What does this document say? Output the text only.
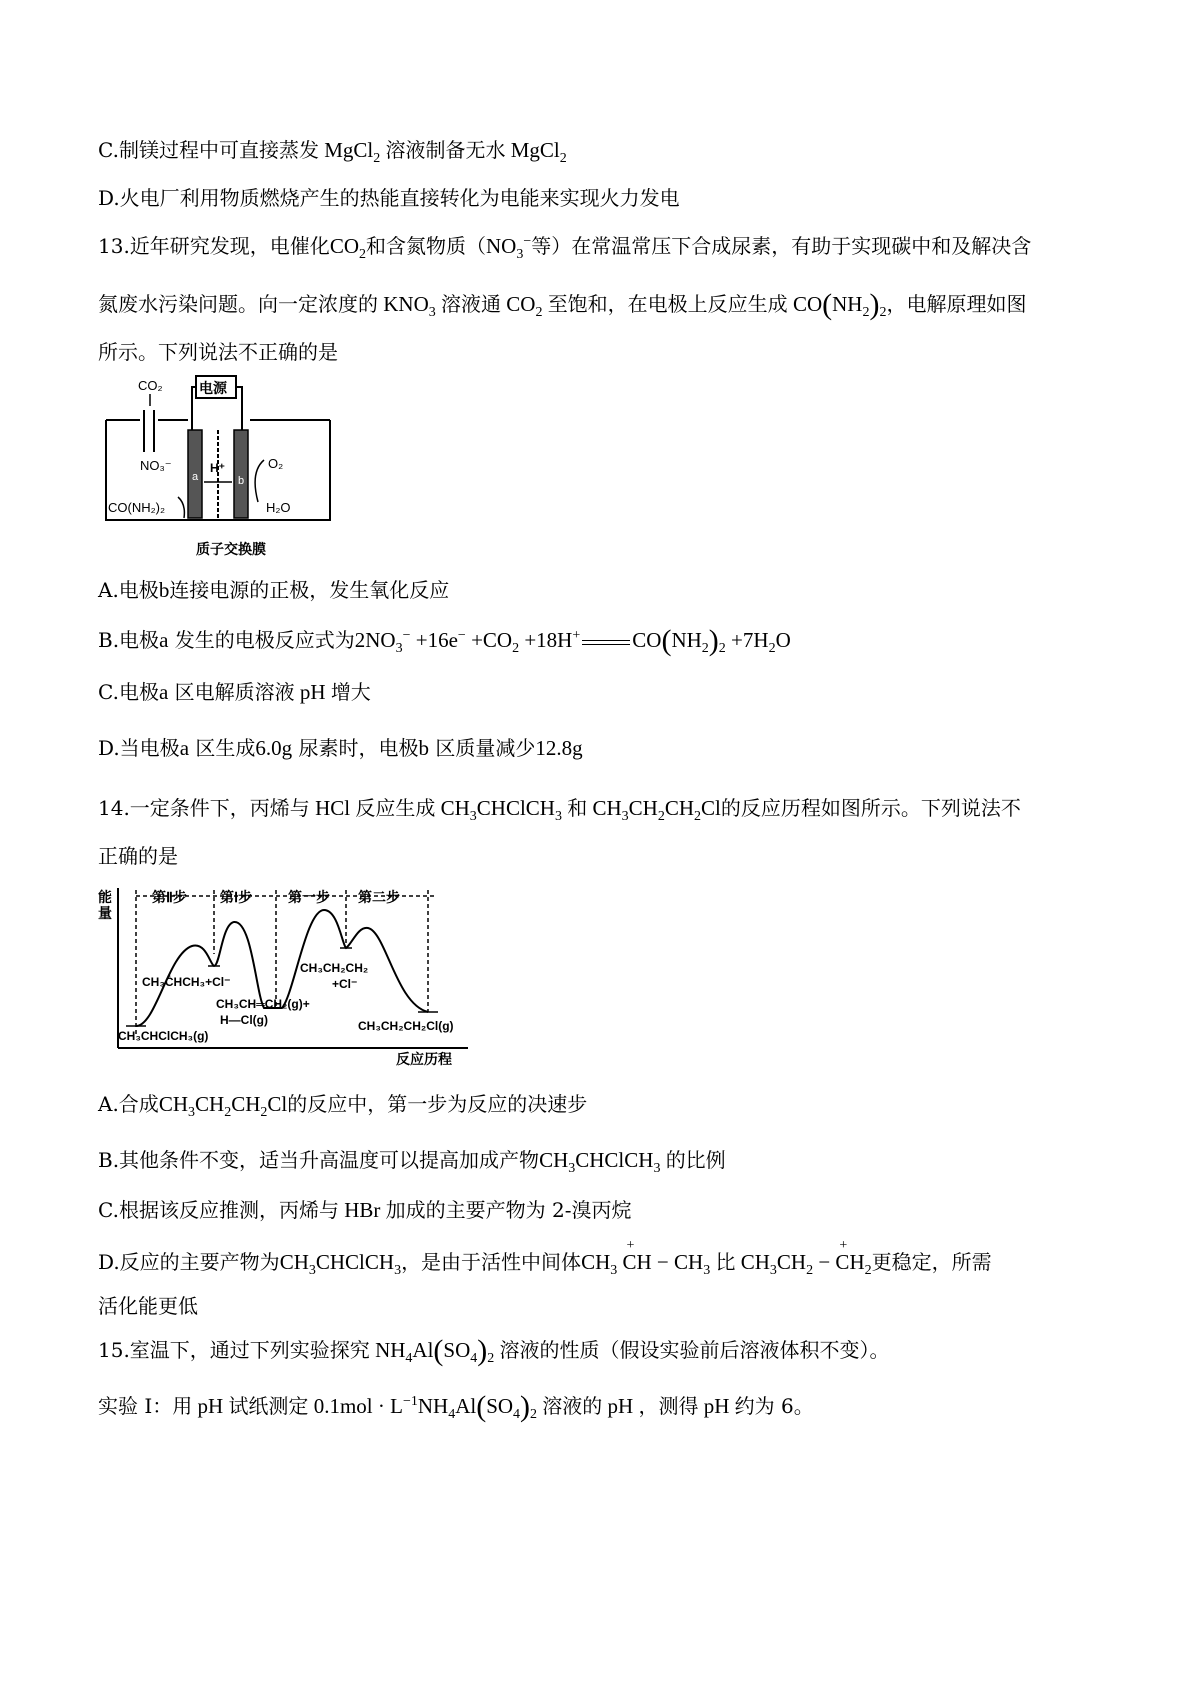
C.制镁过程中可直接蒸发 MgCl$_2$ 溶液制备无水 MgCl$_2$
D.火电厂利用物质燃烧产生的热能直接转化为电能来实现火力发电
13.近年研究发现，电催化$CO_2$和含氮物质（$NO_3^-$等）在常温常压下合成尿素，有助于实现碳中和及解决含
氮废水污染问题。向一定浓度的 $KNO_3$ 溶液通 $CO_2$ 至饱和，在电极上反应生成 $CO(NH_2)_2$，电解原理如图
所示。下列说法不正确的是
CO₂	电源
a	b
H⁺
NO₃⁻
CO(NH₂)₂
O₂
H₂O
质子交换膜
A.电极b连接电源的正极，发生氧化反应
B.电极a 发生的电极反应式为$2NO_3^- +16e^- +CO_2 +18H^+$ $CO(NH_2)_2 +7H_2O$
C.电极a 区电解质溶液 pH 增大
D.当电极a 区生成6.0g 尿素时，电极b 区质量减少12.8g
14.一定条件下，丙烯与 HCl 反应生成 $CH_3CHClCH_3$ 和 $CH_3CH_2CH_2Cl$的反应历程如图所示。下列说法不
正确的是
能 量
反应历程
第Ⅱ步 第Ⅰ步	第一步 第二步
CH₃ĊHCH₃+Cl⁻
CH₃CH₂CH₂
+Cl⁻
CH₃CH═CH₂(g)+
H—Cl(g)
CH₃CHClCH₃(g)
CH₃CH₂CH₂Cl(g)
A.合成$CH_3CH_2CH_2Cl$的反应中，第一步为反应的决速步
B.其他条件不变，适当升高温度可以提高加成产物$CH_3CHClCH_3$ 的比例
C.根据该反应推测，丙烯与 HBr 加成的主要产物为 2-溴丙烷
D.反应的主要产物为$CH_3CHClCH_3$，是由于活性中间体$CH_3$ C
+
$H - CH_3$ 比 $CH_3CH_2 - C$
+
$H_2$更稳定，所需
活化能更低
15.室温下，通过下列实验探究 $NH_4Al(SO_4)_2$ 溶液的性质（假设实验前后溶液体积不变）。
实验 I：用 pH 试纸测定 $0.1mol \cdot L^{-1}NH_4Al(SO_4)_2$ 溶液的 pH ，测得 pH 约为 6。
